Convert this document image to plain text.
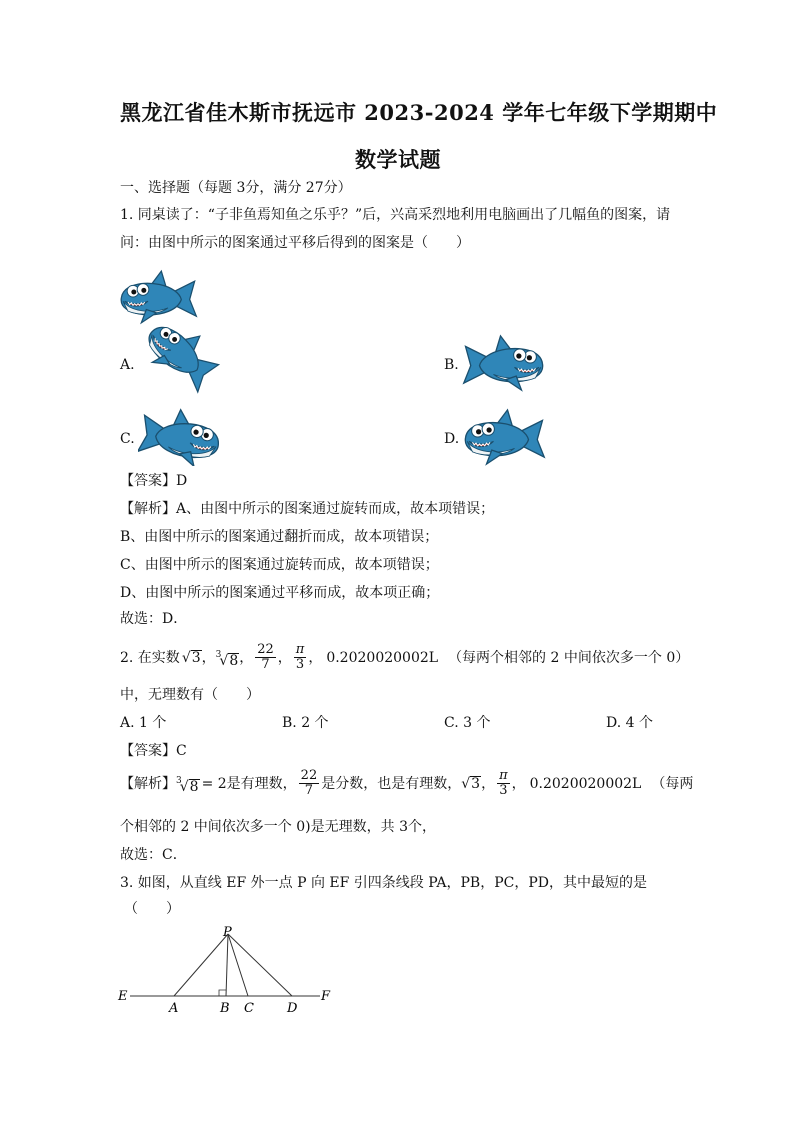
黑龙江省佳木斯市抚远市 2023-2024 学年七年级下学期期中
数学试题
一、选择题（每题 3分，满分 27分）
1. 同桌读了：“子非鱼焉知鱼之乐乎？”后，兴高采烈地利用电脑画出了几幅鱼的图案，请
问：由图中所示的图案通过平移后得到的图案是（　　）
A.	B.
C.	D.
【答案】D
【解析】A、由图中所示的图案通过旋转而成，故本项错误；
B、由图中所示的图案通过翻折而成，故本项错误；
C、由图中所示的图案通过旋转而成，故本项错误；
D、由图中所示的图案通过平移而成，故本项正确；
故选：D．
2. 在实数 √3 ， $^3$√8 ， $\frac{22}{7}$ ， $\frac{\pi}{3}$ ， 0.2020020002L （每两个相邻的 2 中间依次多一个 0）
中，无理数有（　　）
A. 1 个	B. 2 个	C. 3 个	D. 4 个
【答案】C
【解析】 $^3$√8 = 2是有理数， $\frac{22}{7}$ 是分数，也是有理数， √3 ， $\frac{\pi}{3}$ ， 0.2020020002L （每两
个相邻的 2 中间依次多一个 0)是无理数，共 3个，
故选：C．
3. 如图，从直线 EF 外一点 P 向 EF 引四条线段 PA，PB，PC，PD，其中最短的是
（　　）
P
E
A	B C	D
F
